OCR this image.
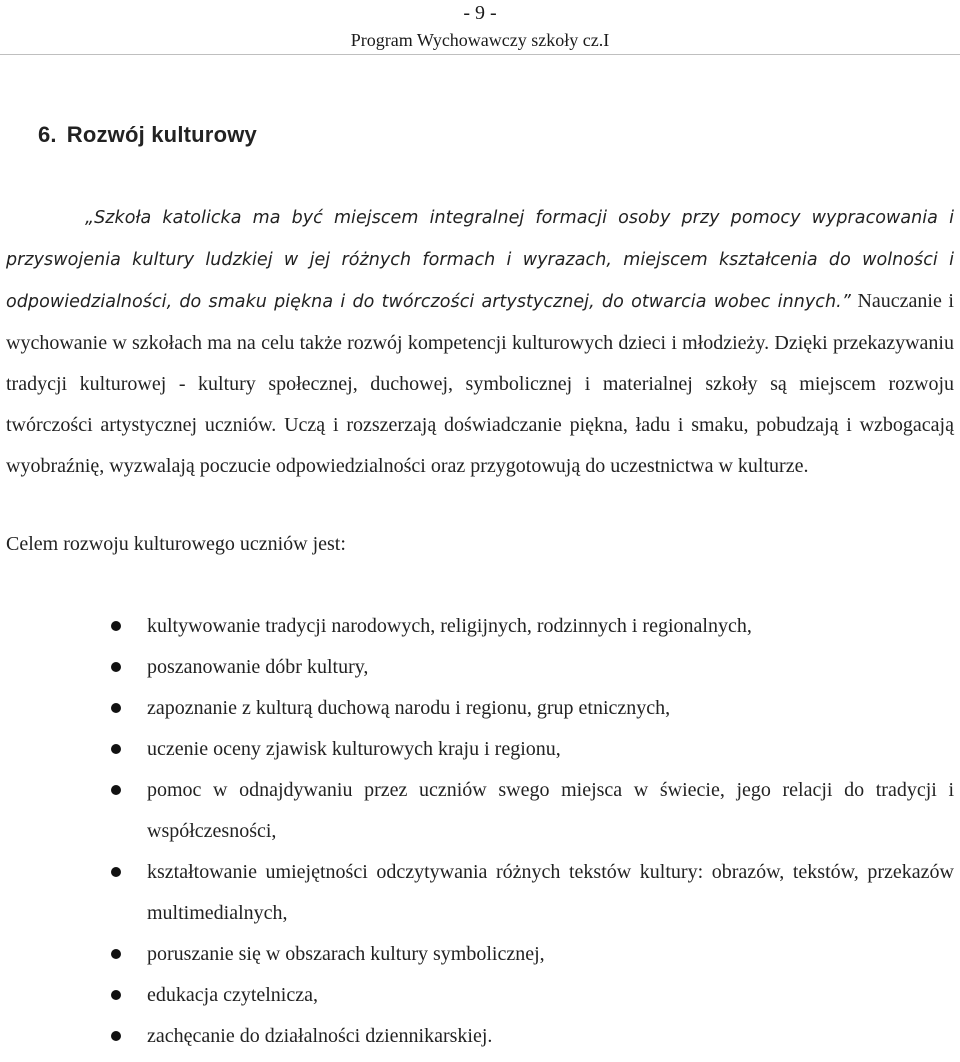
- 9 -
Program Wychowawczy szkoły cz.I
6. Rozwój kulturowy
„Szkoła katolicka ma być miejscem integralnej formacji osoby przy pomocy wypracowania i przyswojenia kultury ludzkiej w jej różnych formach i wyrazach, miejscem kształcenia do wolności i odpowiedzialności, do smaku piękna i do twórczości artystycznej, do otwarcia wobec innych.” Nauczanie i wychowanie w szkołach ma na celu także rozwój kompetencji kulturowych dzieci i młodzieży. Dzięki przekazywaniu tradycji kulturowej - kultury społecznej, duchowej, symbolicznej i materialnej szkoły są miejscem rozwoju twórczości artystycznej uczniów. Uczą i rozszerzają doświadczanie piękna, ładu i smaku, pobudzają i wzbogacają wyobraźnię, wyzwalają poczucie odpowiedzialności oraz przygotowują do uczestnictwa w kulturze.
Celem rozwoju kulturowego uczniów jest:
kultywowanie tradycji narodowych, religijnych, rodzinnych i regionalnych,
poszanowanie dóbr kultury,
zapoznanie z kulturą duchową narodu i regionu, grup etnicznych,
uczenie oceny zjawisk kulturowych kraju i regionu,
pomoc w odnajdywaniu przez uczniów swego miejsca w świecie, jego relacji do tradycji i współczesności,
kształtowanie umiejętności odczytywania różnych tekstów kultury: obrazów, tekstów, przekazów multimedialnych,
poruszanie się w obszarach kultury symbolicznej,
edukacja czytelnicza,
zachęcanie do działalności dziennikarskiej.
